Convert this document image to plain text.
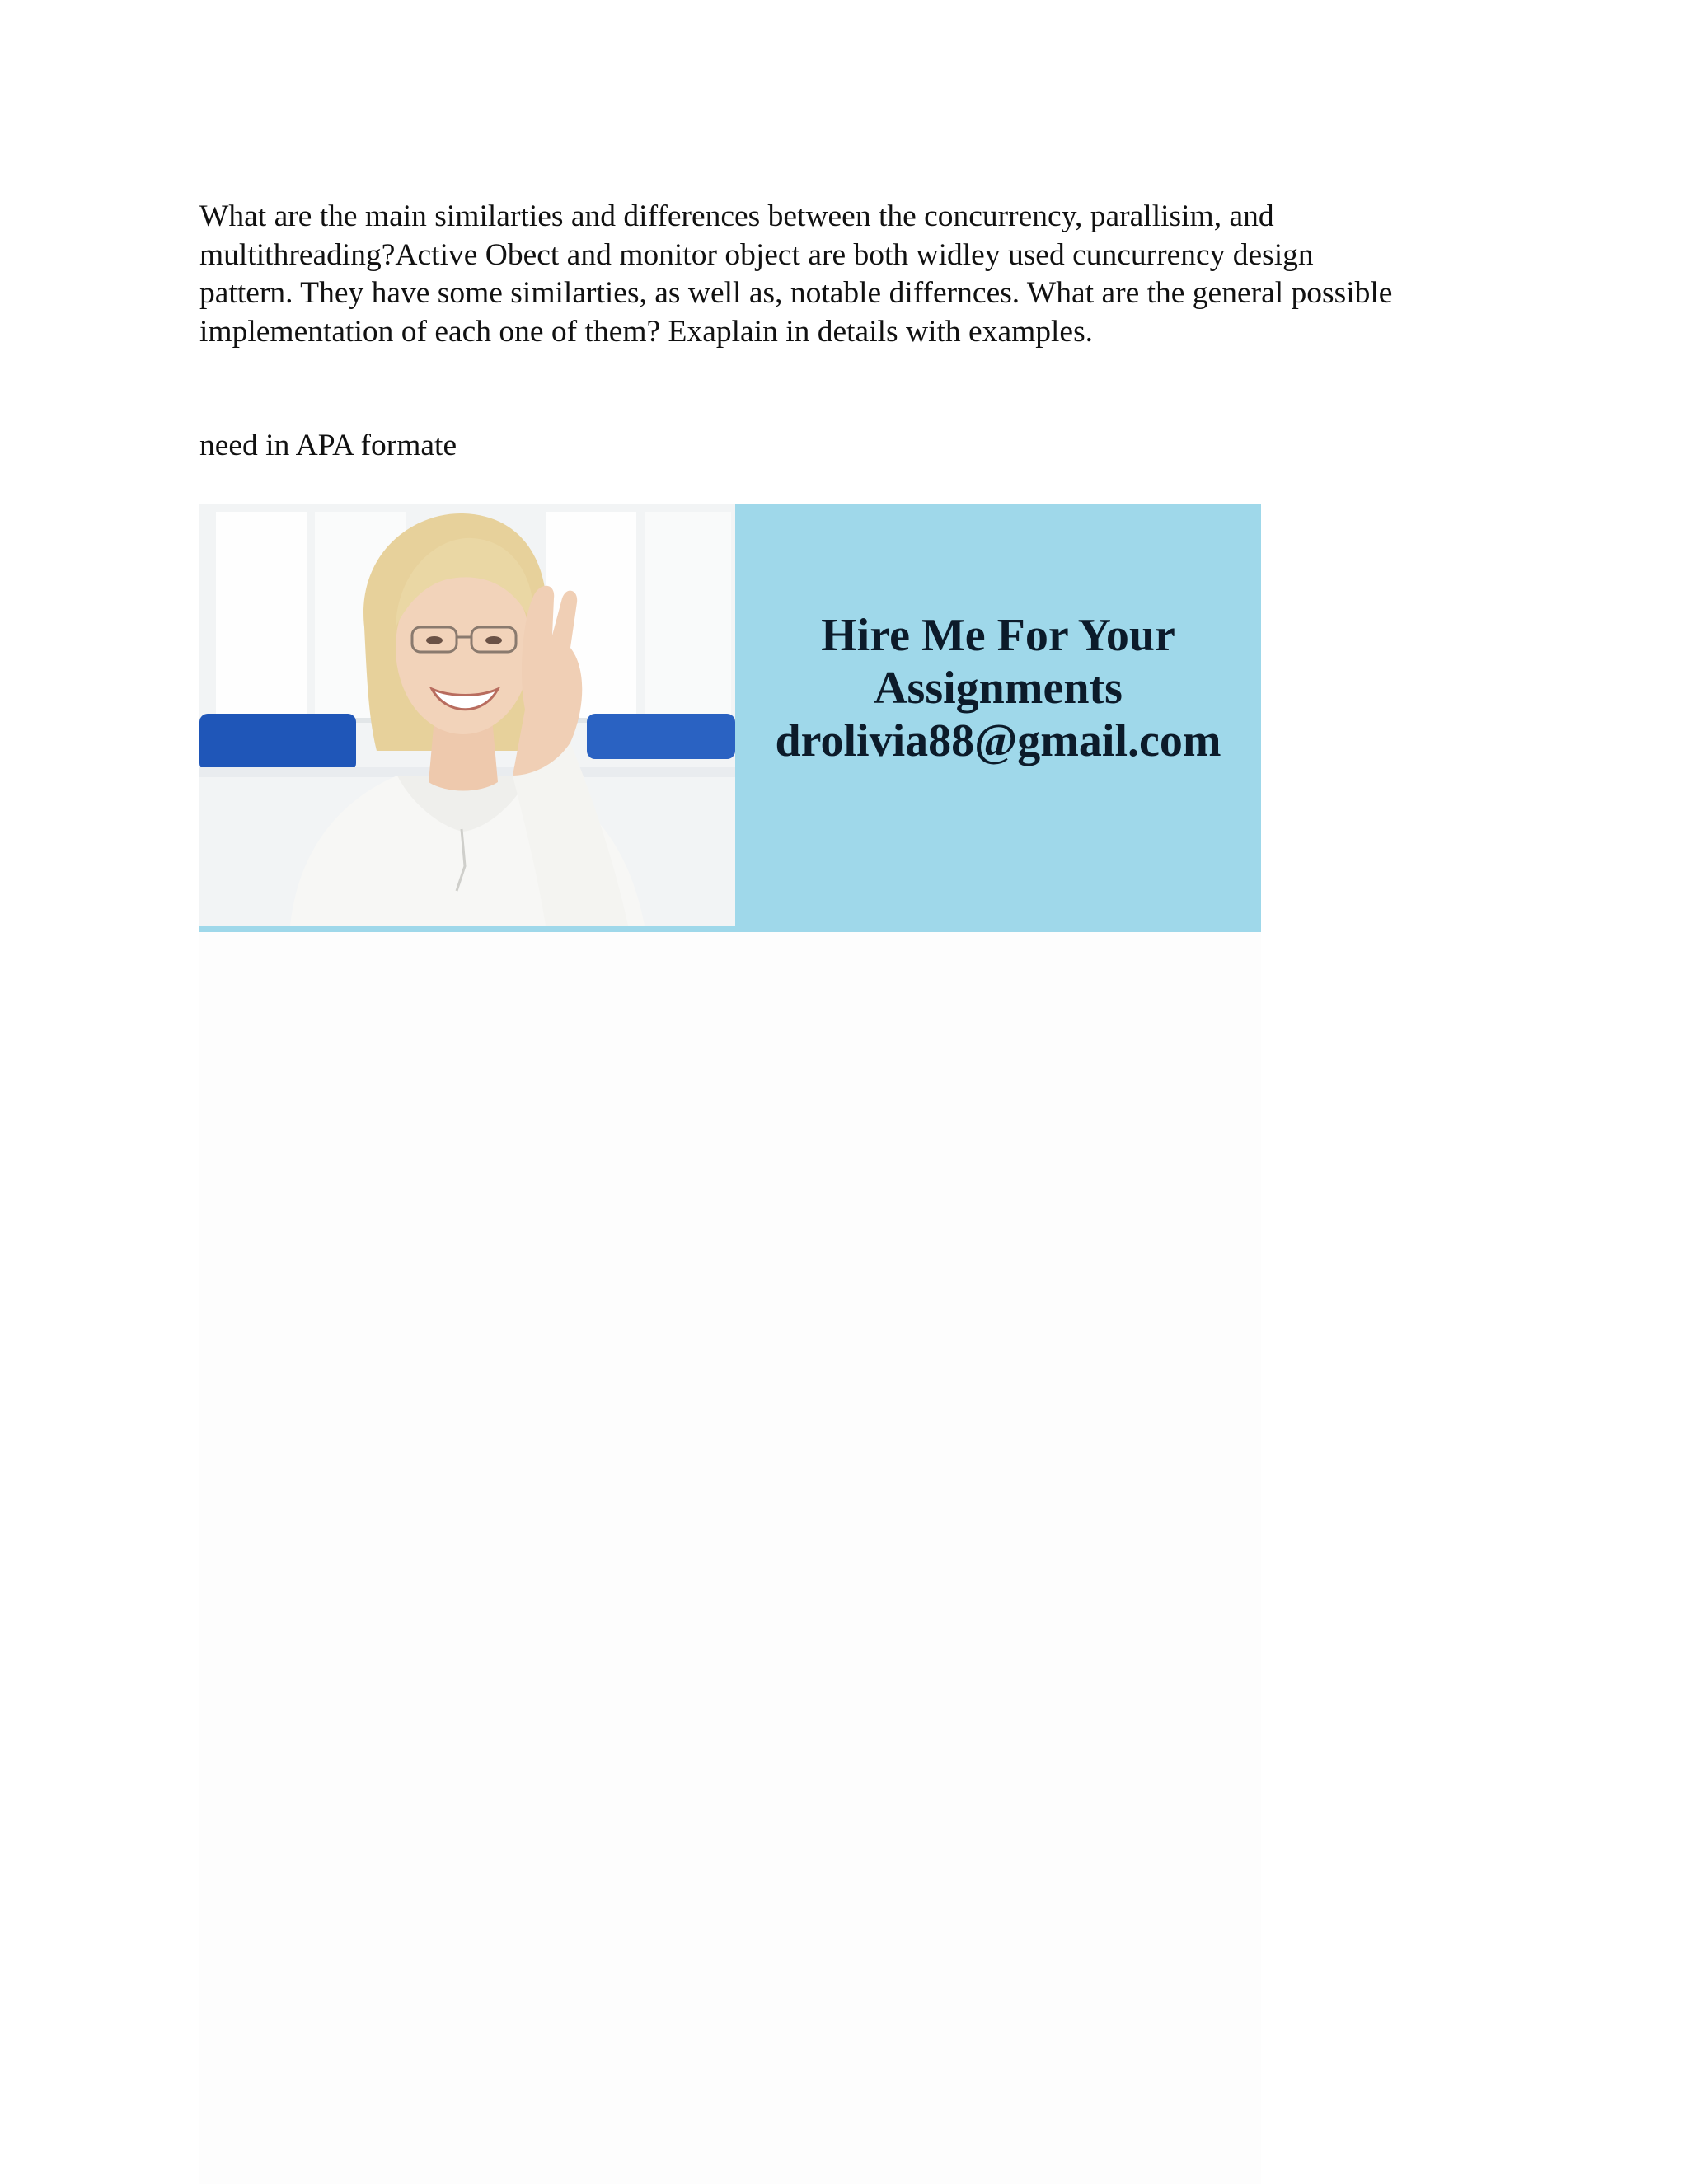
What are the main similarties and differences between the concurrency, parallisim, and
multithreading?Active Obect and monitor object are both widley used cuncurrency design
pattern. They have some similarties, as well as, notable differnces. What are the general possible
implementation of each one of them? Exaplain in details with examples.

need in APA formate

Hire Me For Your
Assignments
drolivia88@gmail.com
